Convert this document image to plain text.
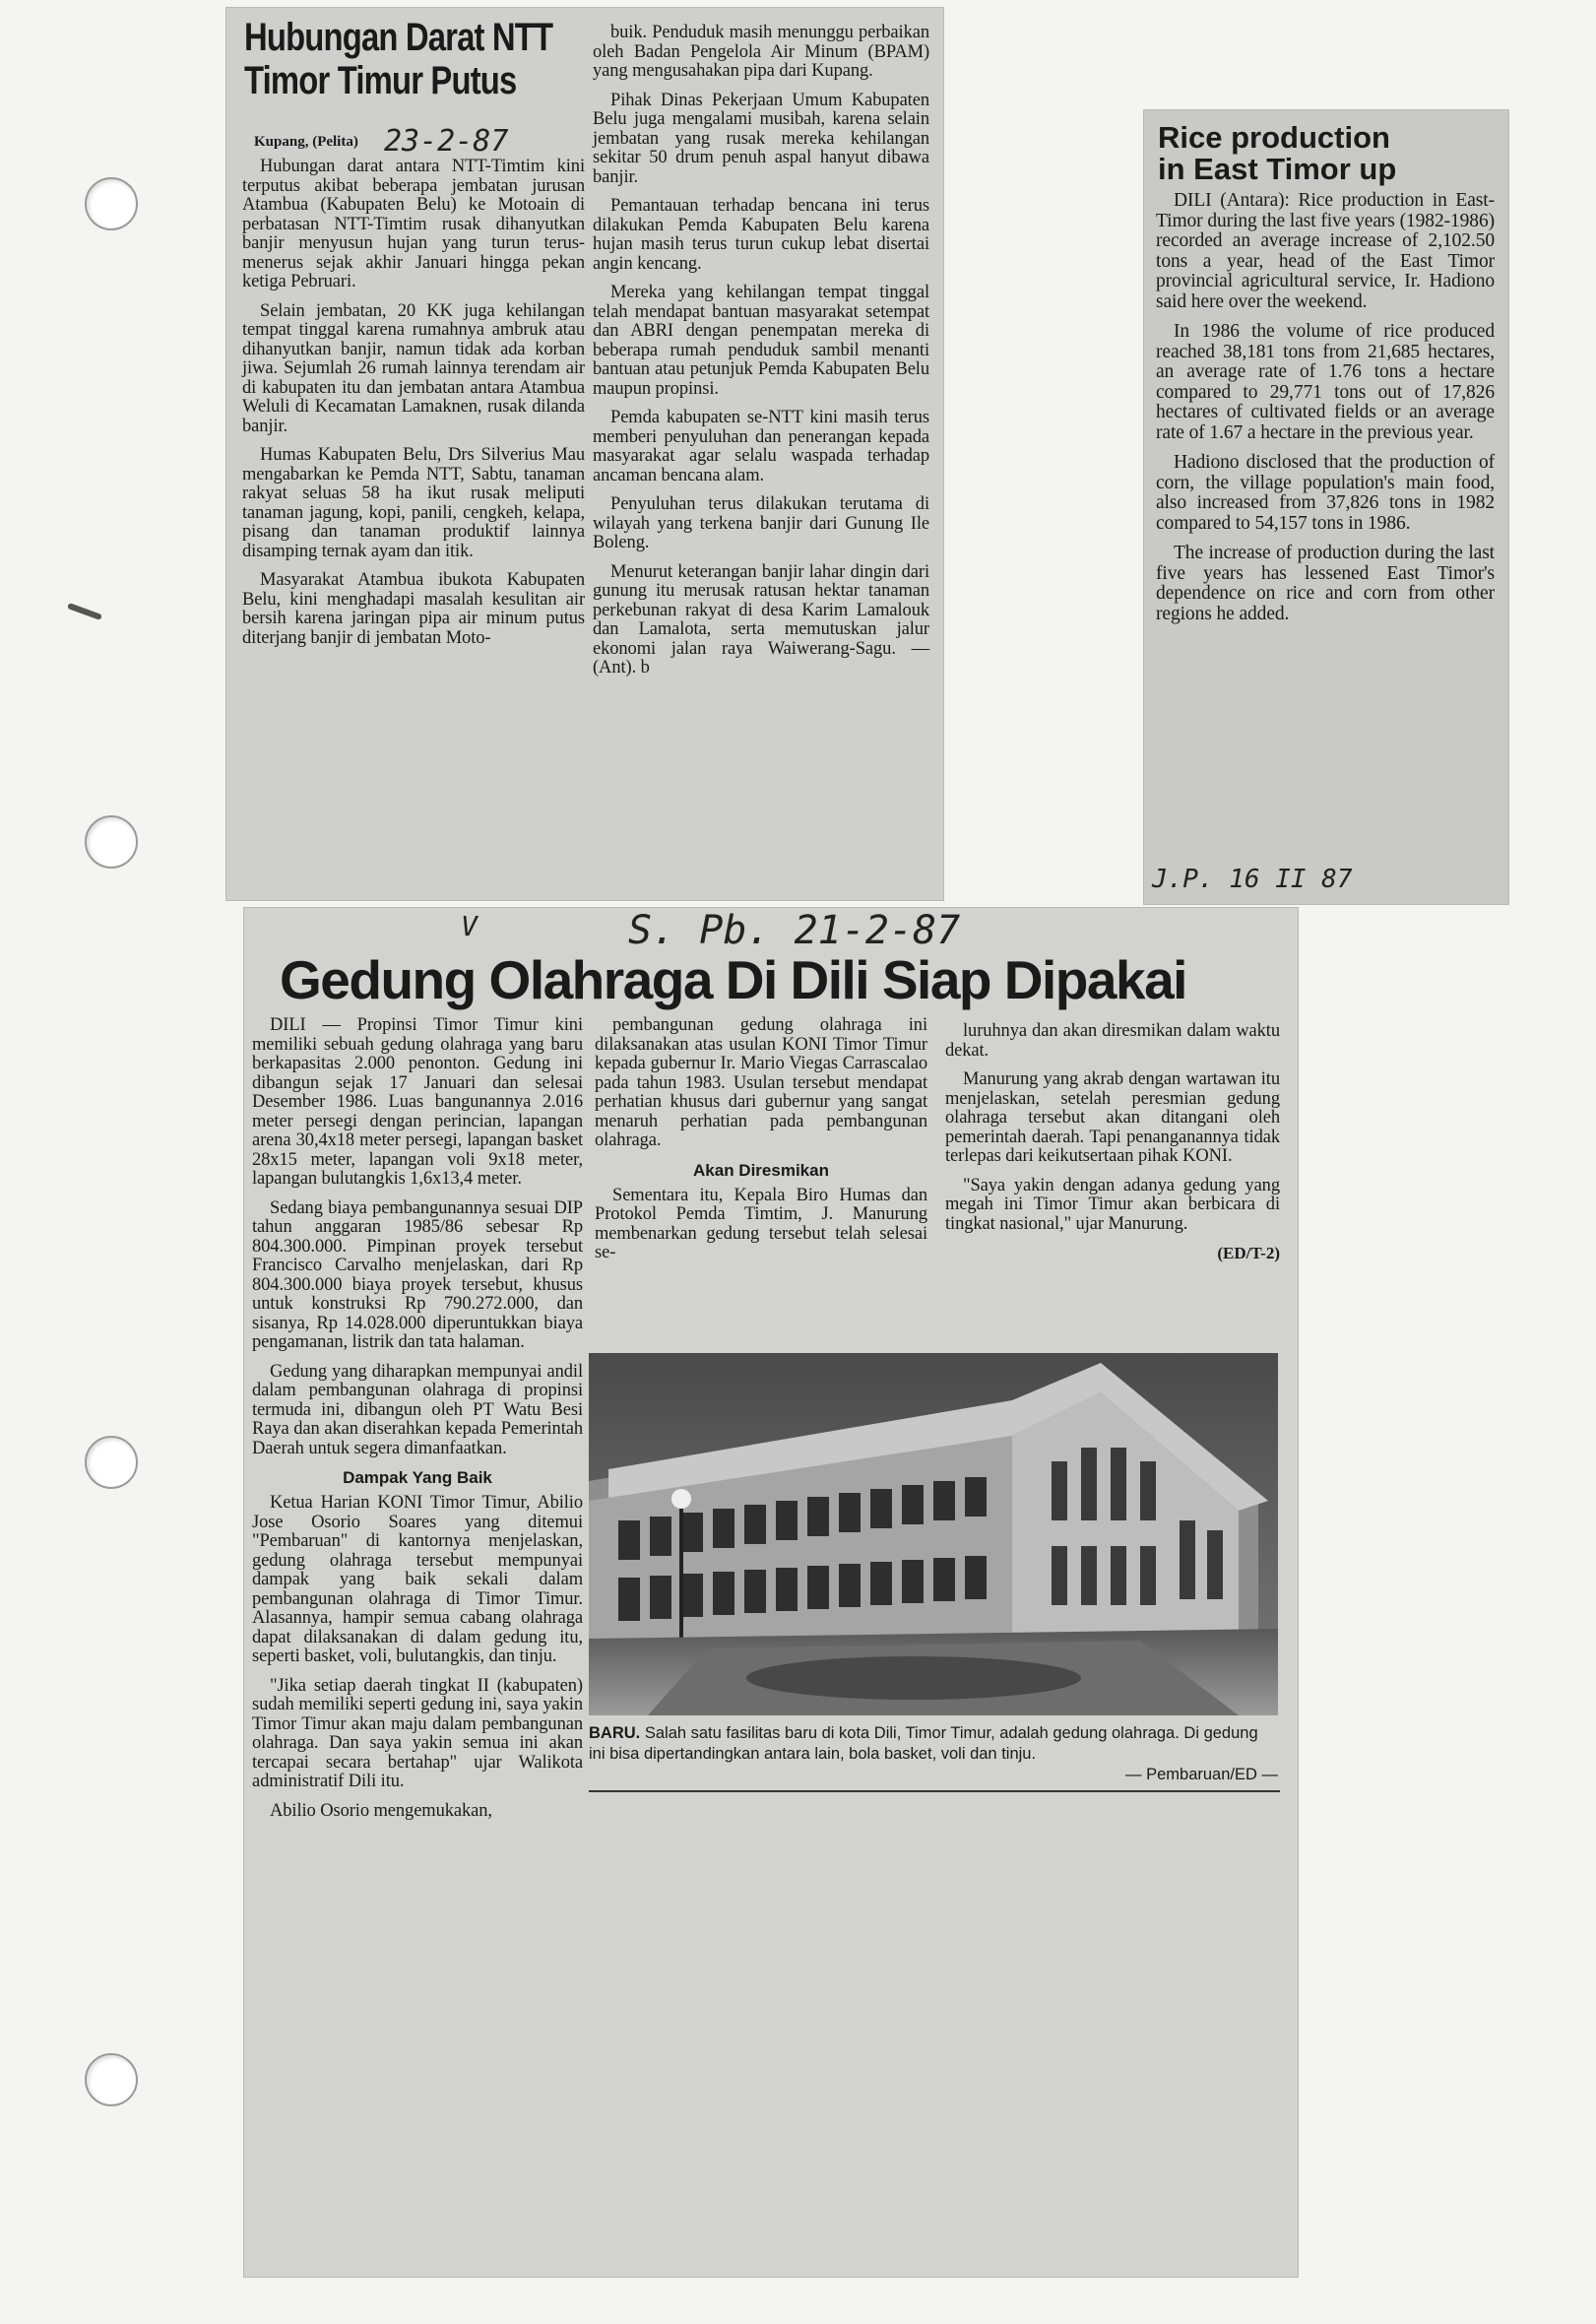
Hubungan Darat NTT
Timor Timur Putus
Kupang, (Pelita) 23-2-87

Hubungan darat antara NTT-Timtim kini terputus akibat beberapa jembatan jurusan Atambua (Kabupaten Belu) ke Motoain di perbatasan NTT-Timtim rusak dihanyutkan banjir menyusun hujan yang turun terus-menerus sejak akhir Januari hingga pekan ketiga Pebruari.

Selain jembatan, 20 KK juga kehilangan tempat tinggal karena rumahnya ambruk atau dihanyutkan banjir, namun tidak ada korban jiwa. Sejumlah 26 rumah lainnya terendam air di kabupaten itu dan jembatan antara Atambua Weluli di Kecamatan Lamaknen, rusak dilanda banjir.

Humas Kabupaten Belu, Drs Silverius Mau mengabarkan ke Pemda NTT, Sabtu, tanaman rakyat seluas 58 ha ikut rusak meliputi tanaman jagung, kopi, panili, cengkeh, kelapa, pisang dan tanaman produktif lainnya disamping ternak ayam dan itik.

Masyarakat Atambua ibukota Kabupaten Belu, kini menghadapi masalah kesulitan air bersih karena jaringan pipa air minum putus diterjang banjir di jembatan Moto-

buik. Penduduk masih menunggu perbaikan oleh Badan Pengelola Air Minum (BPAM) yang mengusahakan pipa dari Kupang.

Pihak Dinas Pekerjaan Umum Kabupaten Belu juga mengalami musibah, karena selain jembatan yang rusak mereka kehilangan sekitar 50 drum penuh aspal hanyut dibawa banjir.

Pemantauan terhadap bencana ini terus dilakukan Pemda Kabupaten Belu karena hujan masih terus turun cukup lebat disertai angin kencang.

Mereka yang kehilangan tempat tinggal telah mendapat bantuan masyarakat setempat dan ABRI dengan penempatan mereka di beberapa rumah penduduk sambil menanti bantuan atau petunjuk Pemda Kabupaten Belu maupun propinsi.

Pemda kabupaten se-NTT kini masih terus memberi penyuluhan dan penerangan kepada masyarakat agar selalu waspada terhadap ancaman bencana alam.

Penyuluhan terus dilakukan terutama di wilayah yang terkena banjir dari Gunung Ile Boleng.

Menurut keterangan banjir lahar dingin dari gunung itu merusak ratusan hektar tanaman perkebunan rakyat di desa Karim Lamalouk dan Lamalota, serta memutuskan jalur ekonomi jalan raya Waiwerang-Sagu. — (Ant). b

Rice production
in East Timor up

DILI (Antara): Rice production in East-Timor during the last five years (1982-1986) recorded an average increase of 2,102.50 tons a year, head of the East Timor provincial agricultural service, Ir. Hadiono said here over the weekend.

In 1986 the volume of rice produced reached 38,181 tons from 21,685 hectares, an average rate of 1.76 tons a hectare compared to 29,771 tons out of 17,826 hectares of cultivated fields or an average rate of 1.67 a hectare in the previous year.

Hadiono disclosed that the production of corn, the village population's main food, also increased from 37,826 tons in 1982 compared to 54,157 tons in 1986.

The increase of production during the last five years has lessened East Timor's dependence on rice and corn from other regions he added.

J.P. 16 II 87
V	S. Pb. 21-2-87
Gedung Olahraga Di Dili Siap Dipakai

DILI — Propinsi Timor Timur kini memiliki sebuah gedung olahraga yang baru berkapasitas 2.000 penonton. Gedung ini dibangun sejak 17 Januari dan selesai Desember 1986. Luas bangunannya 2.016 meter persegi dengan perincian, lapangan arena 30,4x18 meter persegi, lapangan basket 28x15 meter, lapangan voli 9x18 meter, lapangan bulutangkis 1,6x13,4 meter.

Sedang biaya pembangunannya sesuai DIP tahun anggaran 1985/86 sebesar Rp 804.300.000. Pimpinan proyek tersebut Francisco Carvalho menjelaskan, dari Rp 804.300.000 biaya proyek tersebut, khusus untuk konstruksi Rp 790.272.000, dan sisanya, Rp 14.028.000 diperuntukkan biaya pengamanan, listrik dan tata halaman.

Gedung yang diharapkan mempunyai andil dalam pembangunan olahraga di propinsi termuda ini, dibangun oleh PT Watu Besi Raya dan akan diserahkan kepada Pemerintah Daerah untuk segera dimanfaatkan.

Dampak Yang Baik

Ketua Harian KONI Timor Timur, Abilio Jose Osorio Soares yang ditemui "Pembaruan" di kantornya menjelaskan, gedung olahraga tersebut mempunyai dampak yang baik sekali dalam pembangunan olahraga di Timor Timur. Alasannya, hampir semua cabang olahraga dapat dilaksanakan di dalam gedung itu, seperti basket, voli, bulutangkis, dan tinju.

"Jika setiap daerah tingkat II (kabupaten) sudah memiliki seperti gedung ini, saya yakin Timor Timur akan maju dalam pembangunan olahraga. Dan saya yakin semua ini akan tercapai secara bertahap" ujar Walikota administratif Dili itu.

Abilio Osorio mengemukakan,

pembangunan gedung olahraga ini dilaksanakan atas usulan KONI Timor Timur kepada gubernur Ir. Mario Viegas Carrascalao pada tahun 1983. Usulan tersebut mendapat perhatian khusus dari gubernur yang sangat menaruh perhatian pada pembangunan olahraga.

Akan Diresmikan

Sementara itu, Kepala Biro Humas dan Protokol Pemda Timtim, J. Manurung membenarkan gedung tersebut telah selesai se-

luruhnya dan akan diresmikan dalam waktu dekat.

Manurung yang akrab dengan wartawan itu menjelaskan, setelah peresmian gedung olahraga tersebut akan ditangani oleh pemerintah daerah. Tapi penanganannya tidak terlepas dari keikutsertaan pihak KONI.

"Saya yakin dengan adanya gedung yang megah ini Timor Timur akan berbicara di tingkat nasional," ujar Manurung.

(ED/T-2)
BARU. Salah satu fasilitas baru di kota Dili, Timor Timur, adalah gedung olahraga. Di gedung ini bisa dipertandingkan antara lain, bola basket, voli dan tinju.
— Pembaruan/ED —
